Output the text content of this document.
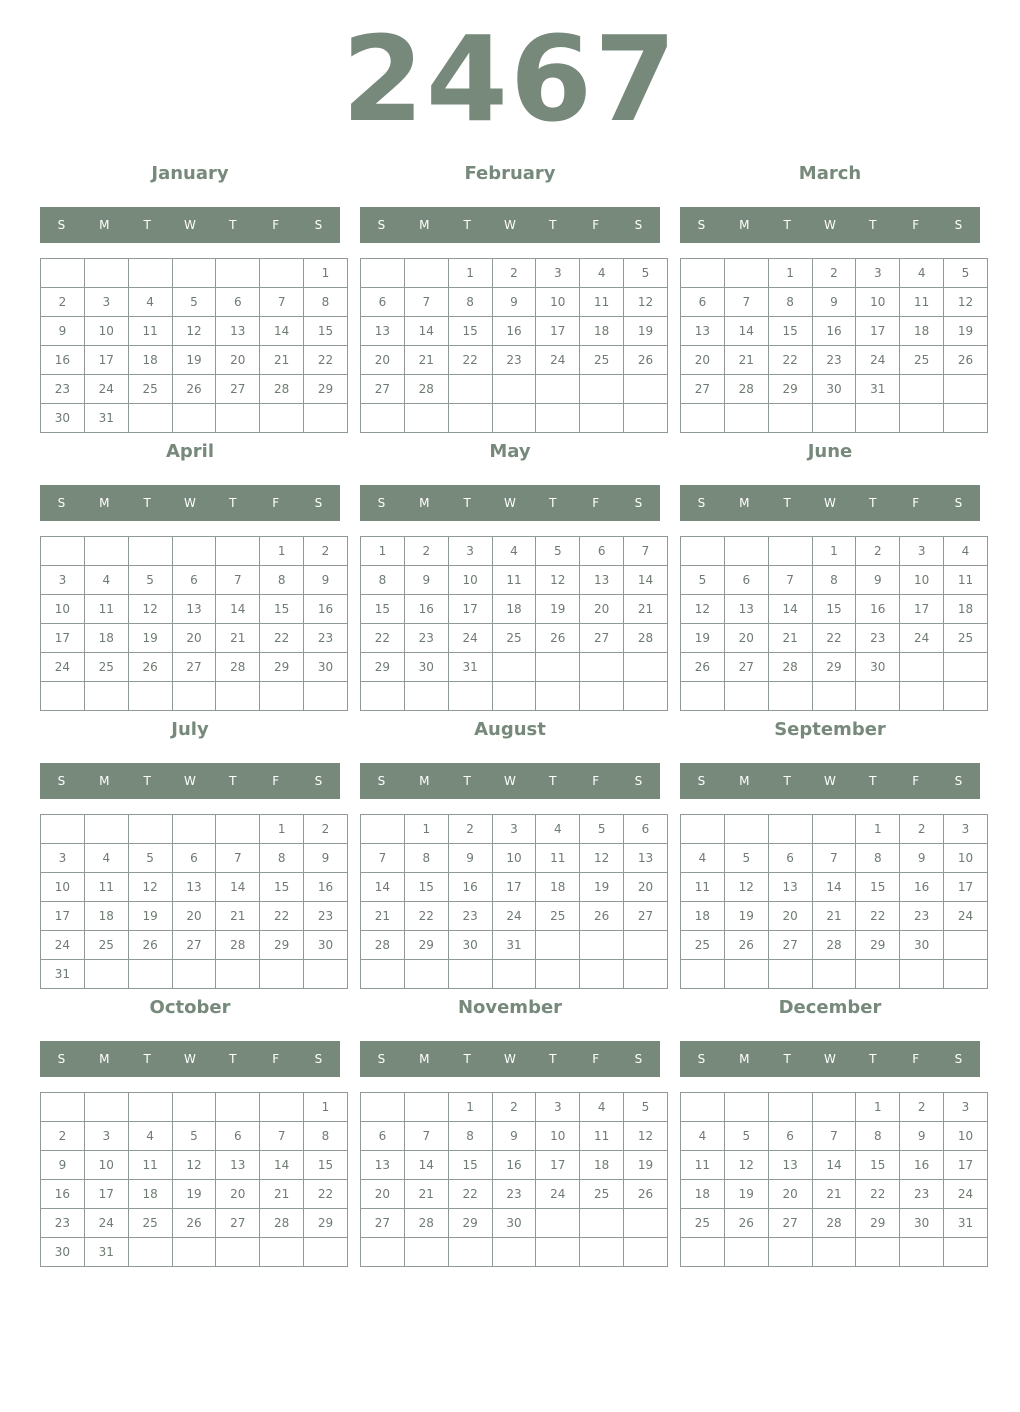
2467
January
S	M	T	W	T	F	S
						1
2	3	4	5	6	7	8
9	10	11	12	13	14	15
16	17	18	19	20	21	22
23	24	25	26	27	28	29
30	31					
February
S	M	T	W	T	F	S
		1	2	3	4	5
6	7	8	9	10	11	12
13	14	15	16	17	18	19
20	21	22	23	24	25	26
27	28					

March
S	M	T	W	T	F	S
		1	2	3	4	5
6	7	8	9	10	11	12
13	14	15	16	17	18	19
20	21	22	23	24	25	26
27	28	29	30	31		

April
S	M	T	W	T	F	S
					1	2
3	4	5	6	7	8	9
10	11	12	13	14	15	16
17	18	19	20	21	22	23
24	25	26	27	28	29	30

May
S	M	T	W	T	F	S
1	2	3	4	5	6	7
8	9	10	11	12	13	14
15	16	17	18	19	20	21
22	23	24	25	26	27	28
29	30	31				

June
S	M	T	W	T	F	S
			1	2	3	4
5	6	7	8	9	10	11
12	13	14	15	16	17	18
19	20	21	22	23	24	25
26	27	28	29	30		

July
S	M	T	W	T	F	S
					1	2
3	4	5	6	7	8	9
10	11	12	13	14	15	16
17	18	19	20	21	22	23
24	25	26	27	28	29	30
31						
August
S	M	T	W	T	F	S
	1	2	3	4	5	6
7	8	9	10	11	12	13
14	15	16	17	18	19	20
21	22	23	24	25	26	27
28	29	30	31			

September
S	M	T	W	T	F	S
				1	2	3
4	5	6	7	8	9	10
11	12	13	14	15	16	17
18	19	20	21	22	23	24
25	26	27	28	29	30	

October
S	M	T	W	T	F	S
						1
2	3	4	5	6	7	8
9	10	11	12	13	14	15
16	17	18	19	20	21	22
23	24	25	26	27	28	29
30	31					
November
S	M	T	W	T	F	S
		1	2	3	4	5
6	7	8	9	10	11	12
13	14	15	16	17	18	19
20	21	22	23	24	25	26
27	28	29	30			

December
S	M	T	W	T	F	S
				1	2	3
4	5	6	7	8	9	10
11	12	13	14	15	16	17
18	19	20	21	22	23	24
25	26	27	28	29	30	31
